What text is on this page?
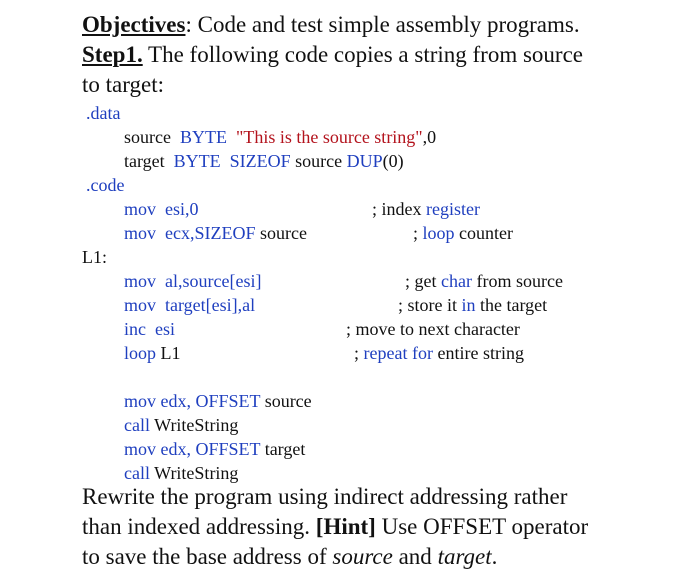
Objectives: Code and test simple assembly programs.
Step1. The following code copies a string from source
to target:
.data
source BYTE "This is the source string",0
target BYTE  SIZEOF source DUP(0)
.code
mov esi,0	; index register
mov ecx,SIZEOF source	; loop counter
L1:
mov al,source[esi]	; get char from source
mov target[esi],al	; store it in the target
inc  esi	; move to next character
loop L1	; repeat for entire string
mov edx, OFFSET source
call WriteString
mov edx, OFFSET target
call WriteString
Rewrite the program using indirect addressing rather
than indexed addressing. [Hint] Use OFFSET operator
to save the base address of source and target.
